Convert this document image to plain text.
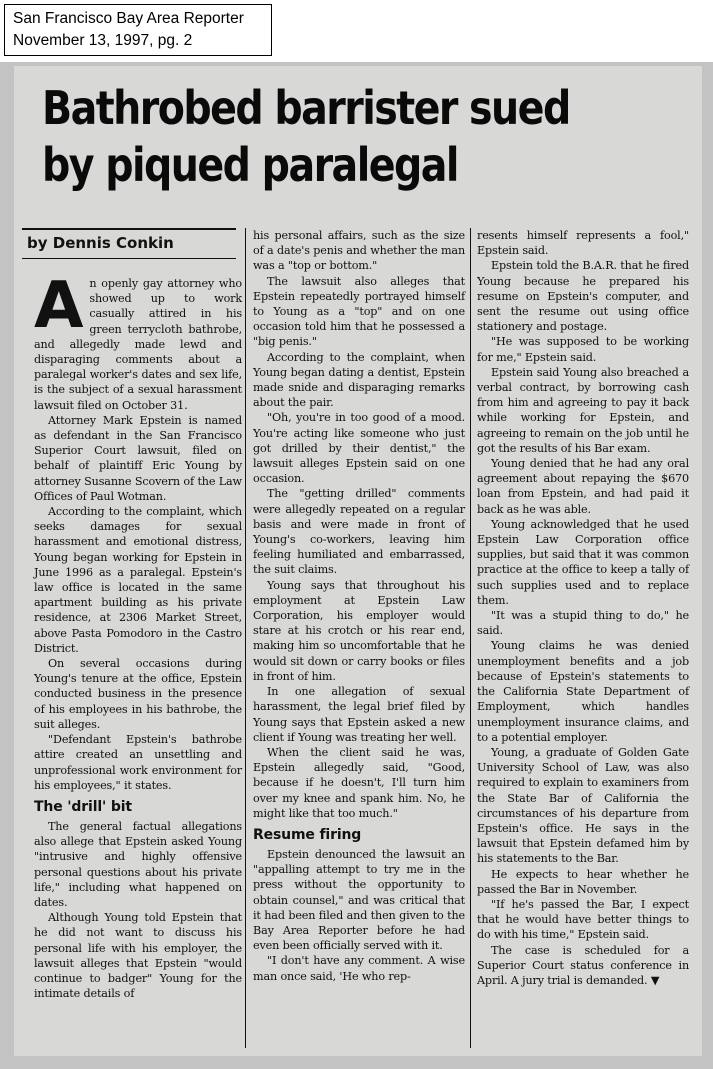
San Francisco Bay Area Reporter
November 13, 1997, pg. 2
Bathrobed barrister sued
by piqued paralegal
by Dennis Conkin

An openly gay attorney who showed up to work casually attired in his green terrycloth bathrobe, and allegedly made lewd and disparaging comments about a paralegal worker's dates and sex life, is the subject of a sexual harassment lawsuit filed on October 31.

Attorney Mark Epstein is named as defendant in the San Francisco Superior Court lawsuit, filed on behalf of plaintiff Eric Young by attorney Susanne Scovern of the Law Offices of Paul Wotman.

According to the complaint, which seeks damages for sexual harassment and emotional distress, Young began working for Epstein in June 1996 as a paralegal. Epstein's law office is located in the same apartment building as his private residence, at 2306 Market Street, above Pasta Pomodoro in the Castro District.

On several occasions during Young's tenure at the office, Epstein conducted business in the presence of his employees in his bathrobe, the suit alleges.

"Defendant Epstein's bathrobe attire created an unsettling and unprofessional work environment for his employees," it states.

The 'drill' bit

The general factual allegations also allege that Epstein asked Young "intrusive and highly offensive personal questions about his private life," including what happened on dates.

Although Young told Epstein that he did not want to discuss his personal life with his employer, the lawsuit alleges that Epstein "would continue to badger" Young for the intimate details of

his personal affairs, such as the size of a date's penis and whether the man was a "top or bottom."

The lawsuit also alleges that Epstein repeatedly portrayed himself to Young as a "top" and on one occasion told him that he possessed a "big penis."

According to the complaint, when Young began dating a dentist, Epstein made snide and disparaging remarks about the pair.

"Oh, you're in too good of a mood. You're acting like someone who just got drilled by their dentist," the lawsuit alleges Epstein said on one occasion.

The "getting drilled" comments were allegedly repeated on a regular basis and were made in front of Young's co-workers, leaving him feeling humiliated and embarrassed, the suit claims.

Young says that throughout his employment at Epstein Law Corporation, his employer would stare at his crotch or his rear end, making him so uncomfortable that he would sit down or carry books or files in front of him.

In one allegation of sexual harassment, the legal brief filed by Young says that Epstein asked a new client if Young was treating her well.

When the client said he was, Epstein allegedly said, "Good, because if he doesn't, I'll turn him over my knee and spank him. No, he might like that too much."

Resume firing

Epstein denounced the lawsuit an "appalling attempt to try me in the press without the opportunity to obtain counsel," and was critical that it had been filed and then given to the Bay Area Reporter before he had even been officially served with it.

"I don't have any comment. A wise man once said, 'He who rep-

resents himself represents a fool," Epstein said.

Epstein told the B.A.R. that he fired Young because he prepared his resume on Epstein's computer, and sent the resume out using office stationery and postage.

"He was supposed to be working for me," Epstein said.

Epstein said Young also breached a verbal contract, by borrowing cash from him and agreeing to pay it back while working for Epstein, and agreeing to remain on the job until he got the results of his Bar exam.

Young denied that he had any oral agreement about repaying the $670 loan from Epstein, and had paid it back as he was able.

Young acknowledged that he used Epstein Law Corporation office supplies, but said that it was common practice at the office to keep a tally of such supplies used and to replace them.

"It was a stupid thing to do," he said.

Young claims he was denied unemployment benefits and a job because of Epstein's statements to the California State Department of Employment, which handles unemployment insurance claims, and to a potential employer.

Young, a graduate of Golden Gate University School of Law, was also required to explain to examiners from the State Bar of California the circumstances of his departure from Epstein's office. He says in the lawsuit that Epstein defamed him by his statements to the Bar.

He expects to hear whether he passed the Bar in November.

"If he's passed the Bar, I expect that he would have better things to do with his time," Epstein said.

The case is scheduled for a Superior Court status conference in April. A jury trial is demanded. ▼
